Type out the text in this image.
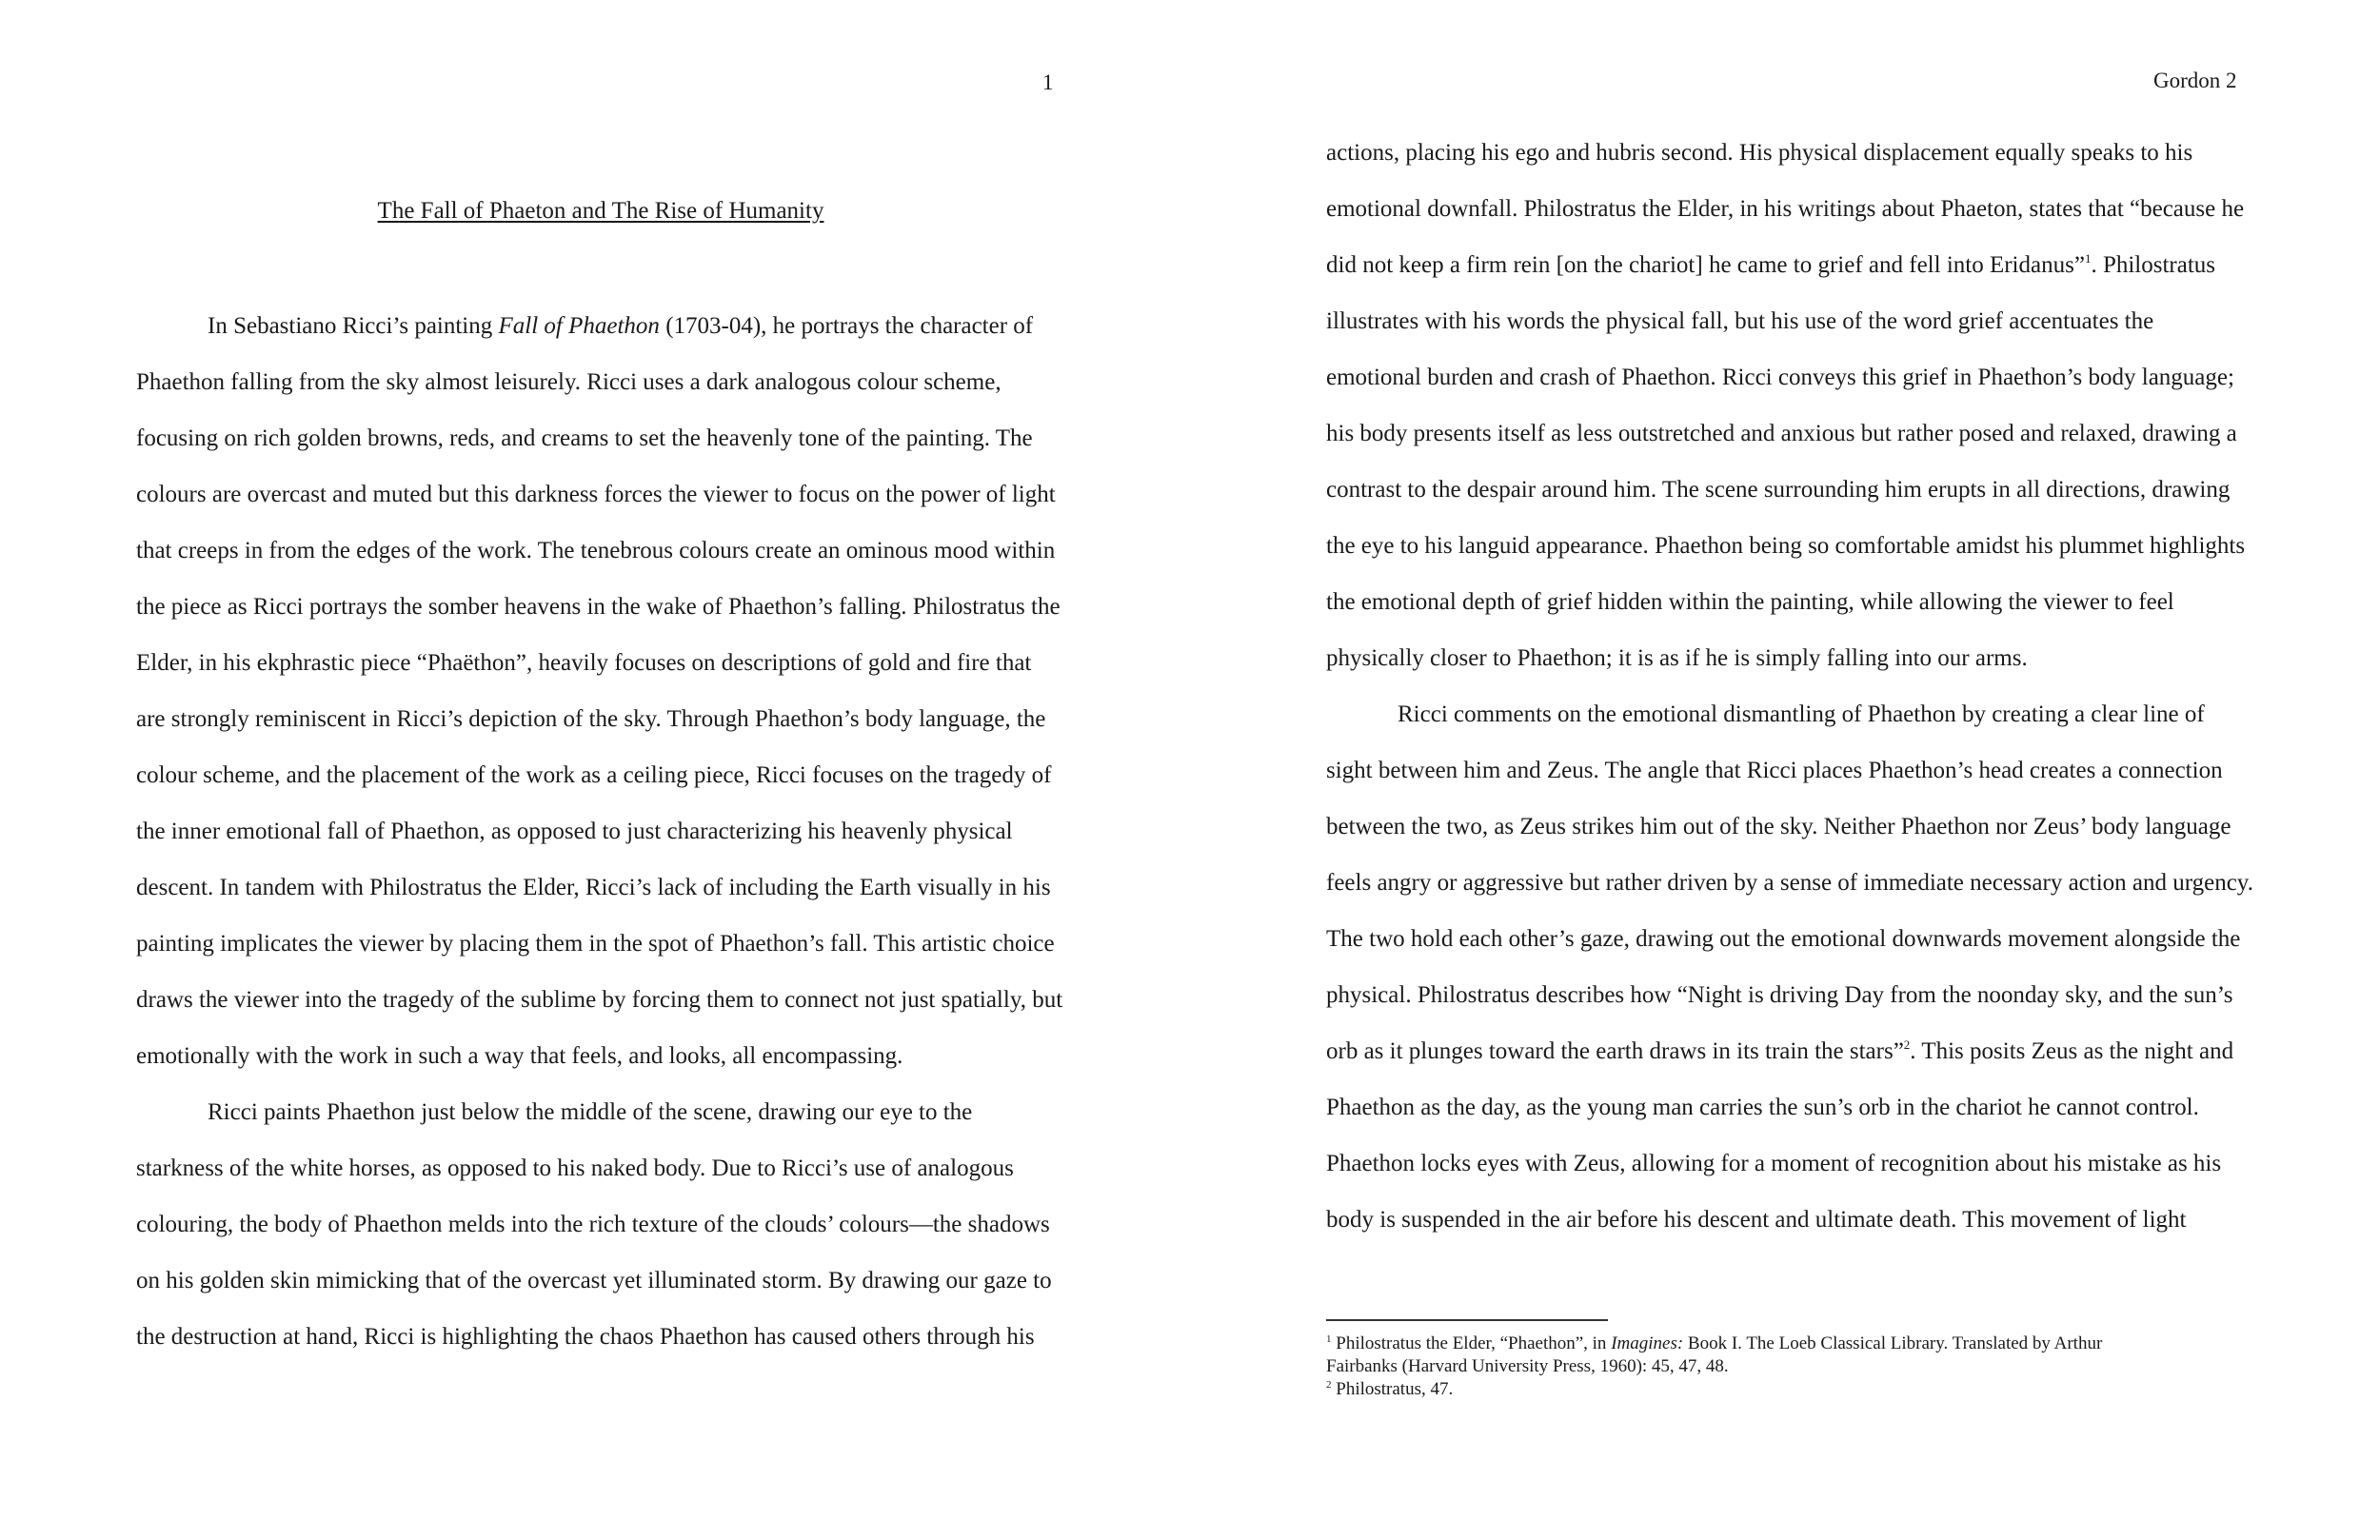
1
The Fall of Phaeton and The Rise of Humanity
In Sebastiano Ricci’s painting Fall of Phaethon (1703-04), he portrays the character of
Phaethon falling from the sky almost leisurely. Ricci uses a dark analogous colour scheme,
focusing on rich golden browns, reds, and creams to set the heavenly tone of the painting. The
colours are overcast and muted but this darkness forces the viewer to focus on the power of light
that creeps in from the edges of the work. The tenebrous colours create an ominous mood within
the piece as Ricci portrays the somber heavens in the wake of Phaethon’s falling. Philostratus the
Elder, in his ekphrastic piece “Phaëthon”, heavily focuses on descriptions of gold and fire that
are strongly reminiscent in Ricci’s depiction of the sky. Through Phaethon’s body language, the
colour scheme, and the placement of the work as a ceiling piece, Ricci focuses on the tragedy of
the inner emotional fall of Phaethon, as opposed to just characterizing his heavenly physical
descent. In tandem with Philostratus the Elder, Ricci’s lack of including the Earth visually in his
painting implicates the viewer by placing them in the spot of Phaethon’s fall. This artistic choice
draws the viewer into the tragedy of the sublime by forcing them to connect not just spatially, but
emotionally with the work in such a way that feels, and looks, all encompassing.
Ricci paints Phaethon just below the middle of the scene, drawing our eye to the
starkness of the white horses, as opposed to his naked body. Due to Ricci’s use of analogous
colouring, the body of Phaethon melds into the rich texture of the clouds’ colours—the shadows
on his golden skin mimicking that of the overcast yet illuminated storm. By drawing our gaze to
the destruction at hand, Ricci is highlighting the chaos Phaethon has caused others through his
Gordon 2
actions, placing his ego and hubris second. His physical displacement equally speaks to his
emotional downfall. Philostratus the Elder, in his writings about Phaeton, states that “because he
did not keep a firm rein [on the chariot] he came to grief and fell into Eridanus”$^1$. Philostratus
illustrates with his words the physical fall, but his use of the word grief accentuates the
emotional burden and crash of Phaethon. Ricci conveys this grief in Phaethon’s body language;
his body presents itself as less outstretched and anxious but rather posed and relaxed, drawing a
contrast to the despair around him. The scene surrounding him erupts in all directions, drawing
the eye to his languid appearance. Phaethon being so comfortable amidst his plummet highlights
the emotional depth of grief hidden within the painting, while allowing the viewer to feel
physically closer to Phaethon; it is as if he is simply falling into our arms.
Ricci comments on the emotional dismantling of Phaethon by creating a clear line of
sight between him and Zeus. The angle that Ricci places Phaethon’s head creates a connection
between the two, as Zeus strikes him out of the sky. Neither Phaethon nor Zeus’ body language
feels angry or aggressive but rather driven by a sense of immediate necessary action and urgency.
The two hold each other’s gaze, drawing out the emotional downwards movement alongside the
physical. Philostratus describes how “Night is driving Day from the noonday sky, and the sun’s
orb as it plunges toward the earth draws in its train the stars”$^2$. This posits Zeus as the night and
Phaethon as the day, as the young man carries the sun’s orb in the chariot he cannot control.
Phaethon locks eyes with Zeus, allowing for a moment of recognition about his mistake as his
body is suspended in the air before his descent and ultimate death. This movement of light
$^1$ Philostratus the Elder, “Phaethon”, in Imagines: Book I. The Loeb Classical Library. Translated by Arthur
Fairbanks (Harvard University Press, 1960): 45, 47, 48.
$^2$ Philostratus, 47.
